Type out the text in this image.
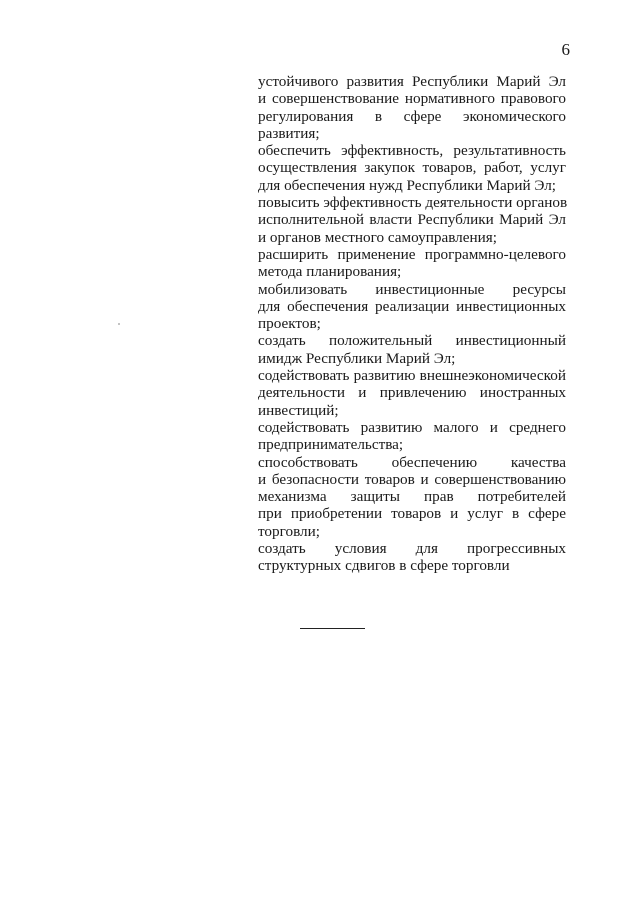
6

устойчивого развития Республики Марий Эл
и совершенствование нормативного правового
регулирования в сфере экономического
развития;

обеспечить эффективность, результативность
осуществления закупок товаров, работ, услуг
для обеспечения нужд Республики Марий Эл;

повысить эффективность деятельности органов
исполнительной власти Республики Марий Эл
и органов местного самоуправления;

расширить применение программно-целевого
метода планирования;

мобилизовать инвестиционные ресурсы
для обеспечения реализации инвестиционных
проектов;

создать положительный инвестиционный
имидж Республики Марий Эл;

содействовать развитию внешнеэкономической
деятельности и привлечению иностранных
инвестиций;

содействовать развитию малого и среднего
предпринимательства;

способствовать обеспечению качества
и безопасности товаров и совершенствованию
механизма защиты прав потребителей
при приобретении товаров и услуг в сфере
торговли;

создать условия для прогрессивных
структурных сдвигов в сфере торговли
